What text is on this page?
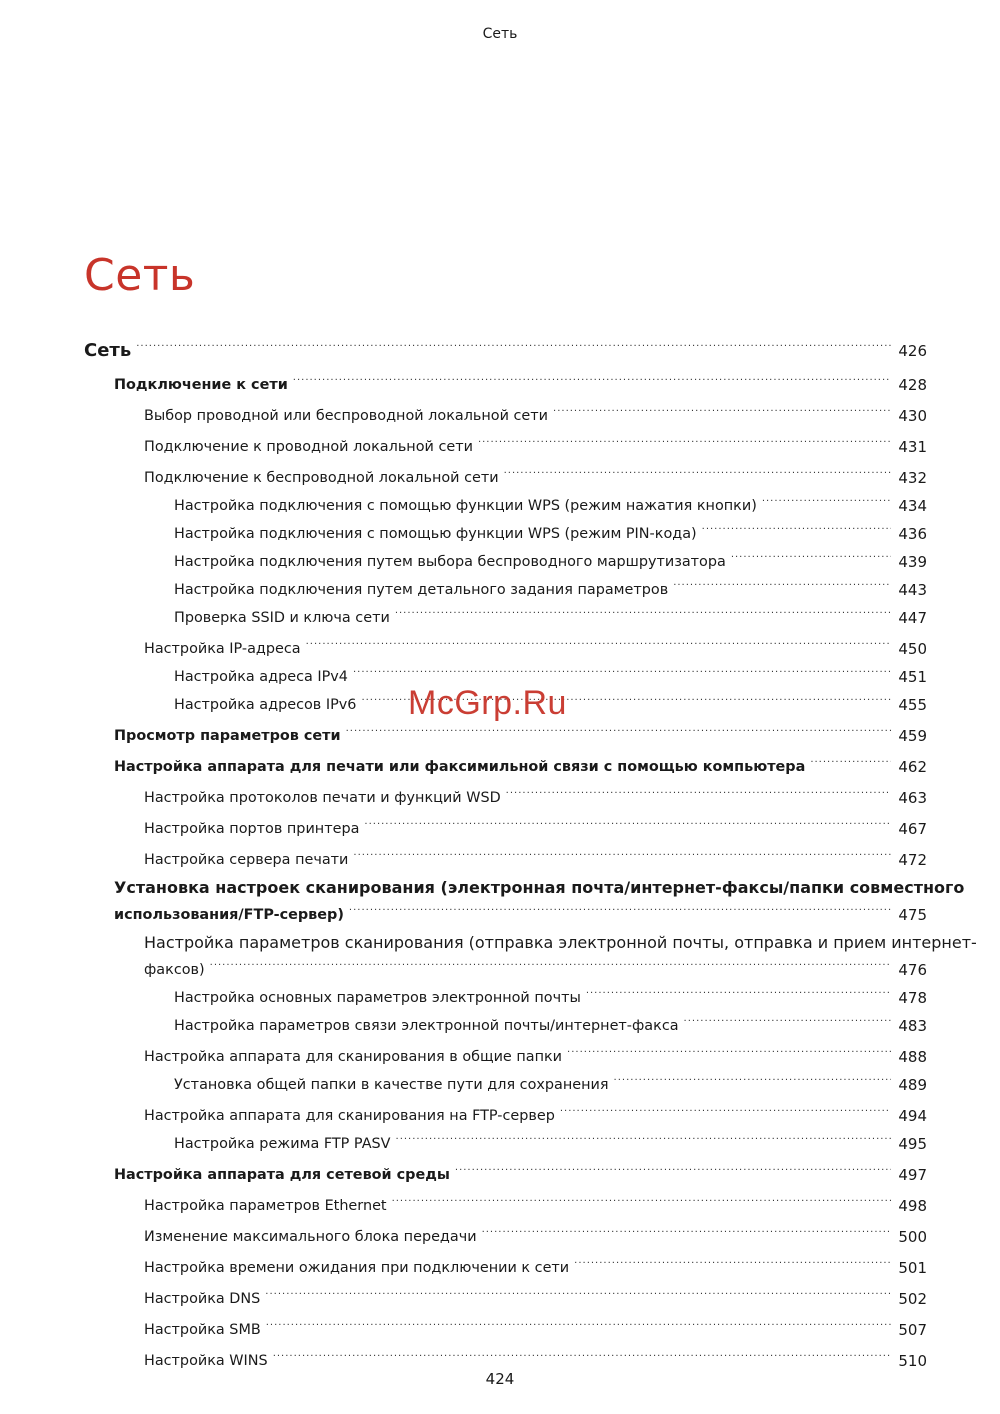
Сеть
Сеть
Сеть .....	426
Подключение к сети .....	428
Выбор проводной или беспроводной локальной сети .....	430
Подключение к проводной локальной сети .....	431
Подключение к беспроводной локальной сети .....	432
Настройка подключения с помощью функции WPS (режим нажатия кнопки) .....	434
Настройка подключения с помощью функции WPS (режим PIN-кода) .....	436
Настройка подключения путем выбора беспроводного маршрутизатора .....	439
Настройка подключения путем детального задания параметров .....	443
Проверка SSID и ключа сети .....	447
Настройка IP-адреса .....	450
Настройка адреса IPv4 .....	451
Настройка адресов IPv6 .....	455
Просмотр параметров сети .....	459
Настройка аппарата для печати или факсимильной связи с помощью компьютера .....	462
Настройка протоколов печати и функций WSD .....	463
Настройка портов принтера .....	467
Настройка сервера печати .....	472
Установка настроек сканирования (электронная почта/интернет-факсы/папки совместного
использования/FTP-сервер) .....	475
Настройка параметров сканирования (отправка электронной почты, отправка и прием интернет-
факсов) .....	476
Настройка основных параметров электронной почты .....	478
Настройка параметров связи электронной почты/интернет-факса .....	483
Настройка аппарата для сканирования в общие папки .....	488
Установка общей папки в качестве пути для сохранения .....	489
Настройка аппарата для сканирования на FTP-сервер .....	494
Настройка режима FTP PASV .....	495
Настройка аппарата для сетевой среды .....	497
Настройка параметров Ethernet .....	498
Изменение максимального блока передачи .....	500
Настройка времени ожидания при подключении к сети .....	501
Настройка DNS .....	502
Настройка SMB .....	507
Настройка WINS .....	510
McGrp.Ru
424
